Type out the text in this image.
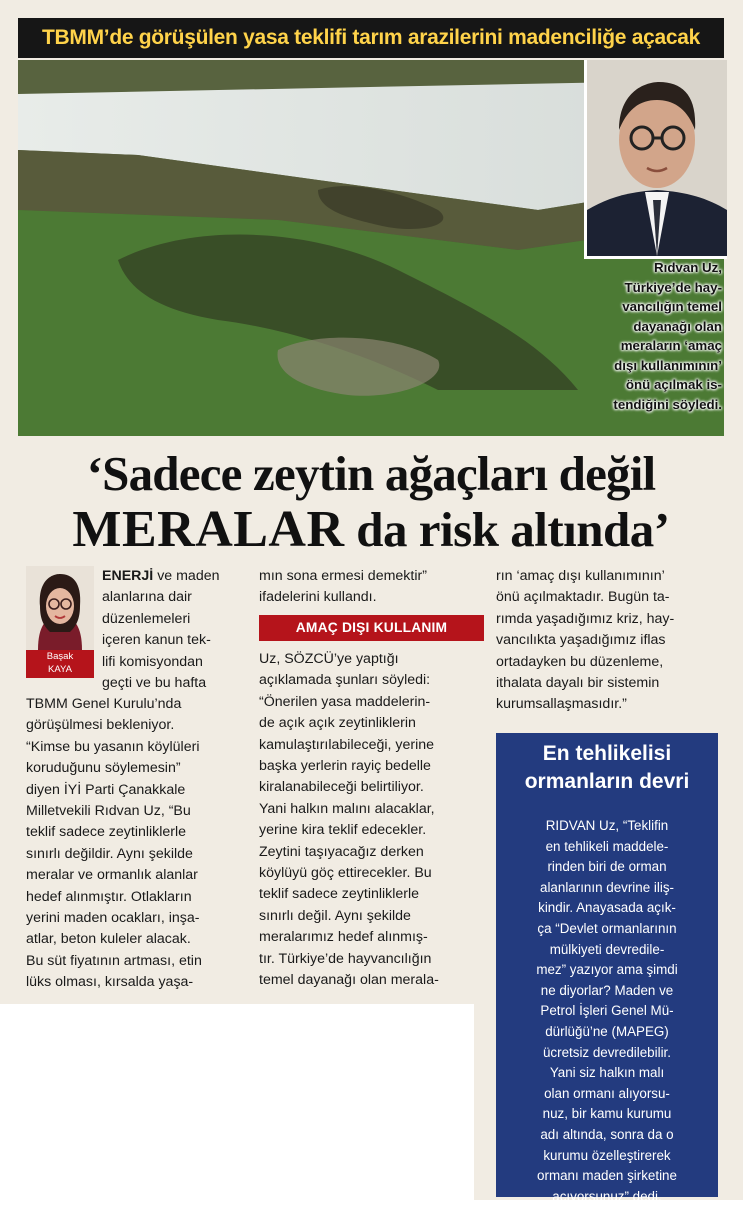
TBMM’de görüşülen yasa teklifi tarım arazilerini madenciliğe açacak
Rıdvan Uz,
Türkiye’de hay-
vancılığın temel
dayanağı olan
meraların ‘amaç
dışı kullanımının’
önü açılmak is-
tendiğini söyledi.
‘Sadece zeytin ağaçları değil
MERALAR da risk altında’
Başak
KAYA

ENERJİ ve maden

alanlarına dair

düzenlemeleri

içeren kanun tek-

lifi komisyondan

geçti ve bu hafta

TBMM Genel Kurulu’nda

görüşülmesi bekleniyor.

“Kimse bu yasanın köylüleri

koruduğunu söylemesin”

diyen İYİ Parti Çanakkale

Milletvekili Rıdvan Uz, “Bu

teklif sadece zeytinliklerle

sınırlı değildir. Aynı şekilde

meralar ve ormanlık alanlar

hedef alınmıştır. Otlakların

yerini maden ocakları, inşa-

atlar, beton kuleler alacak.

Bu süt fiyatının artması, etin

lüks olması, kırsalda yaşa-

mın sona ermesi demektir”

ifadelerini kullandı.

AMAÇ DIŞI KULLANIM

Uz, SÖZCÜ’ye yaptığı

açıklamada şunları söyledi:

“Önerilen yasa maddelerin-

de açık açık zeytinliklerin

kamulaştırılabileceği, yerine

başka yerlerin rayiç bedelle

kiralanabileceği belirtiliyor.

Yani halkın malını alacaklar,

yerine kira teklif edecekler.

Zeytini taşıyacağız derken

köylüyü göç ettirecekler. Bu

teklif sadece zeytinliklerle

sınırlı değil. Aynı şekilde

meralarımız hedef alınmış-

tır. Türkiye’de hayvancılığın

temel dayanağı olan merala-

rın ‘amaç dışı kullanımının’

önü açılmaktadır. Bugün ta-

rımda yaşadığımız kriz, hay-

vancılıkta yaşadığımız iflas

ortadayken bu düzenleme,

ithalata dayalı bir sistemin

kurumsallaşmasıdır.”

En tehlikelisi
ormanların devri
RIDVAN Uz, “Teklifin
en tehlikeli maddele-
rinden biri de orman
alanlarının devrine iliş-
kindir. Anayasada açık-
ça “Devlet ormanlarının
mülkiyeti devredile-
mez” yazıyor ama şimdi
ne diyorlar? Maden ve
Petrol İşleri Genel Mü-
dürlüğü’ne (MAPEG)
ücretsiz devredilebilir.
Yani siz halkın malı
olan ormanı alıyorsu-
nuz, bir kamu kurumu
adı altında, sonra da o
kurumu özelleştirerek
ormanı maden şirketine
açıyorsunuz” dedi.
